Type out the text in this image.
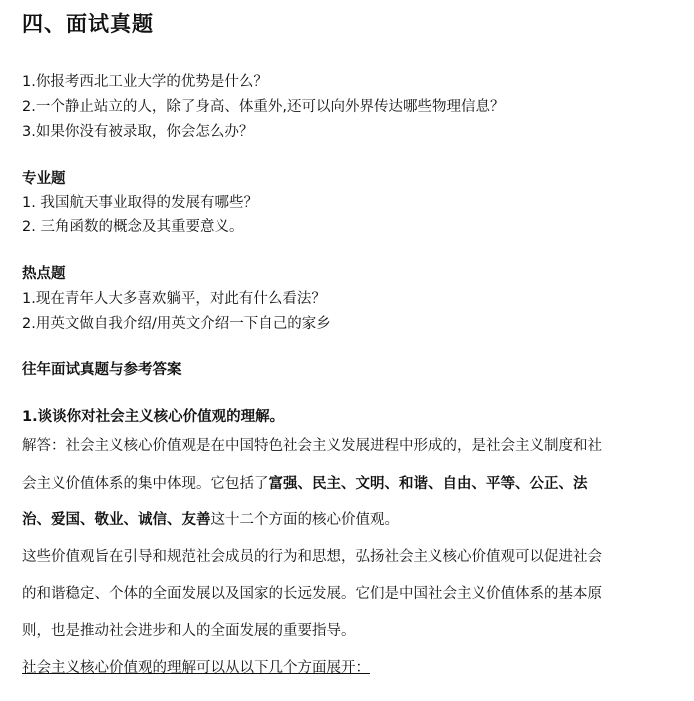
四、面试真题

1.你报考西北工业大学的优势是什么？

2.一个静止站立的人，除了身高、体重外,还可以向外界传达哪些物理信息？

3.如果你没有被录取，你会怎么办？

专业题

1. 我国航天事业取得的发展有哪些？

2. 三角函数的概念及其重要意义。

热点题

1.现在青年人大多喜欢躺平，对此有什么看法？

2.用英文做自我介绍/用英文介绍一下自己的家乡

往年面试真题与参考答案

1.谈谈你对社会主义核心价值观的理解。

解答：社会主义核心价值观是在中国特色社会主义发展进程中形成的，是社会主义制度和社

会主义价值体系的集中体现。它包括了富强、民主、文明、和谐、自由、平等、公正、法

治、爱国、敬业、诚信、友善这十二个方面的核心价值观。

这些价值观旨在引导和规范社会成员的行为和思想，弘扬社会主义核心价值观可以促进社会

的和谐稳定、个体的全面发展以及国家的长远发展。它们是中国社会主义价值体系的基本原

则，也是推动社会进步和人的全面发展的重要指导。

社会主义核心价值观的理解可以从以下几个方面展开：
